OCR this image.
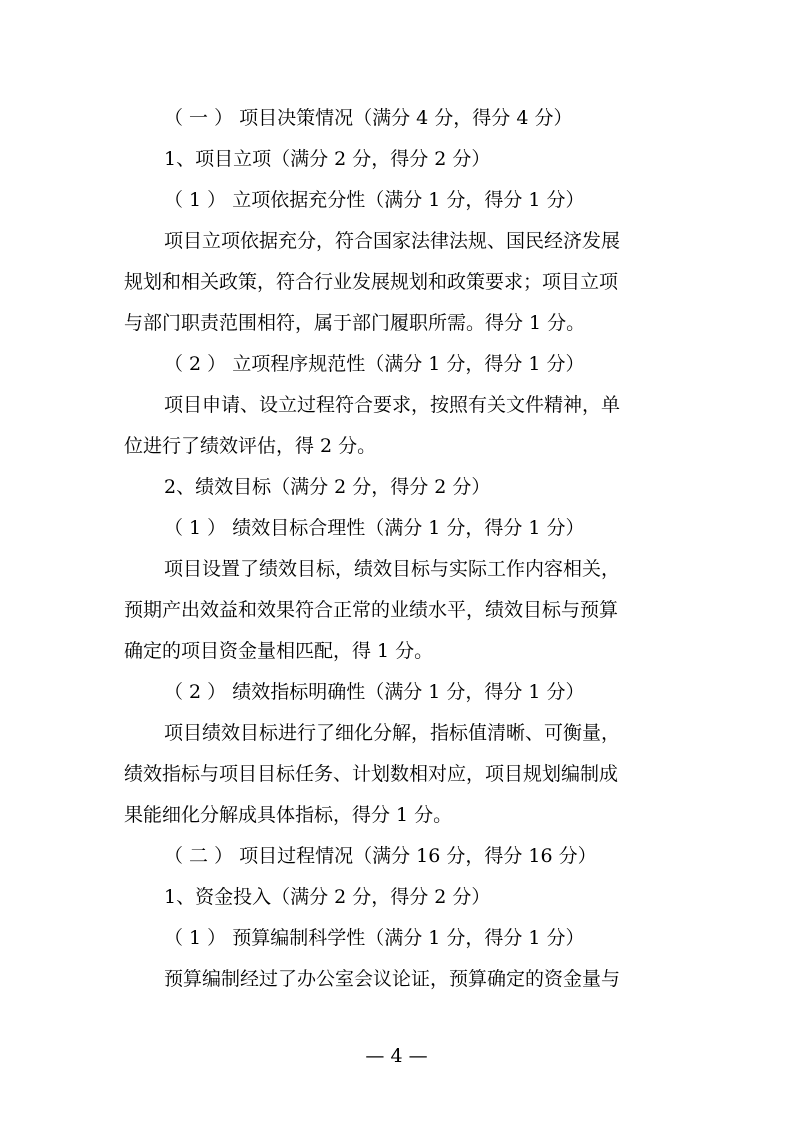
（ 一 ） 项目决策情况（满分 4 分，得分 4 分）
1、项目立项（满分 2 分，得分 2 分）
（ 1 ） 立项依据充分性（满分 1 分，得分 1 分）
项目立项依据充分，符合国家法律法规、国民经济发展
规划和相关政策，符合行业发展规划和政策要求；项目立项
与部门职责范围相符，属于部门履职所需。得分 1 分。
（ 2 ） 立项程序规范性（满分 1 分，得分 1 分）
项目申请、设立过程符合要求，按照有关文件精神，单
位进行了绩效评估，得 2 分。
2、绩效目标（满分 2 分，得分 2 分）
（ 1 ） 绩效目标合理性（满分 1 分，得分 1 分）
项目设置了绩效目标，绩效目标与实际工作内容相关，
预期产出效益和效果符合正常的业绩水平，绩效目标与预算
确定的项目资金量相匹配，得 1 分。
（ 2 ） 绩效指标明确性（满分 1 分，得分 1 分）
项目绩效目标进行了细化分解，指标值清晰、可衡量，
绩效指标与项目目标任务、计划数相对应，项目规划编制成
果能细化分解成具体指标，得分 1 分。
（ 二 ） 项目过程情况（满分 16 分，得分 16 分）
1、资金投入（满分 2 分，得分 2 分）
（ 1 ） 预算编制科学性（满分 1 分，得分 1 分）
预算编制经过了办公室会议论证，预算确定的资金量与
— 4 —
